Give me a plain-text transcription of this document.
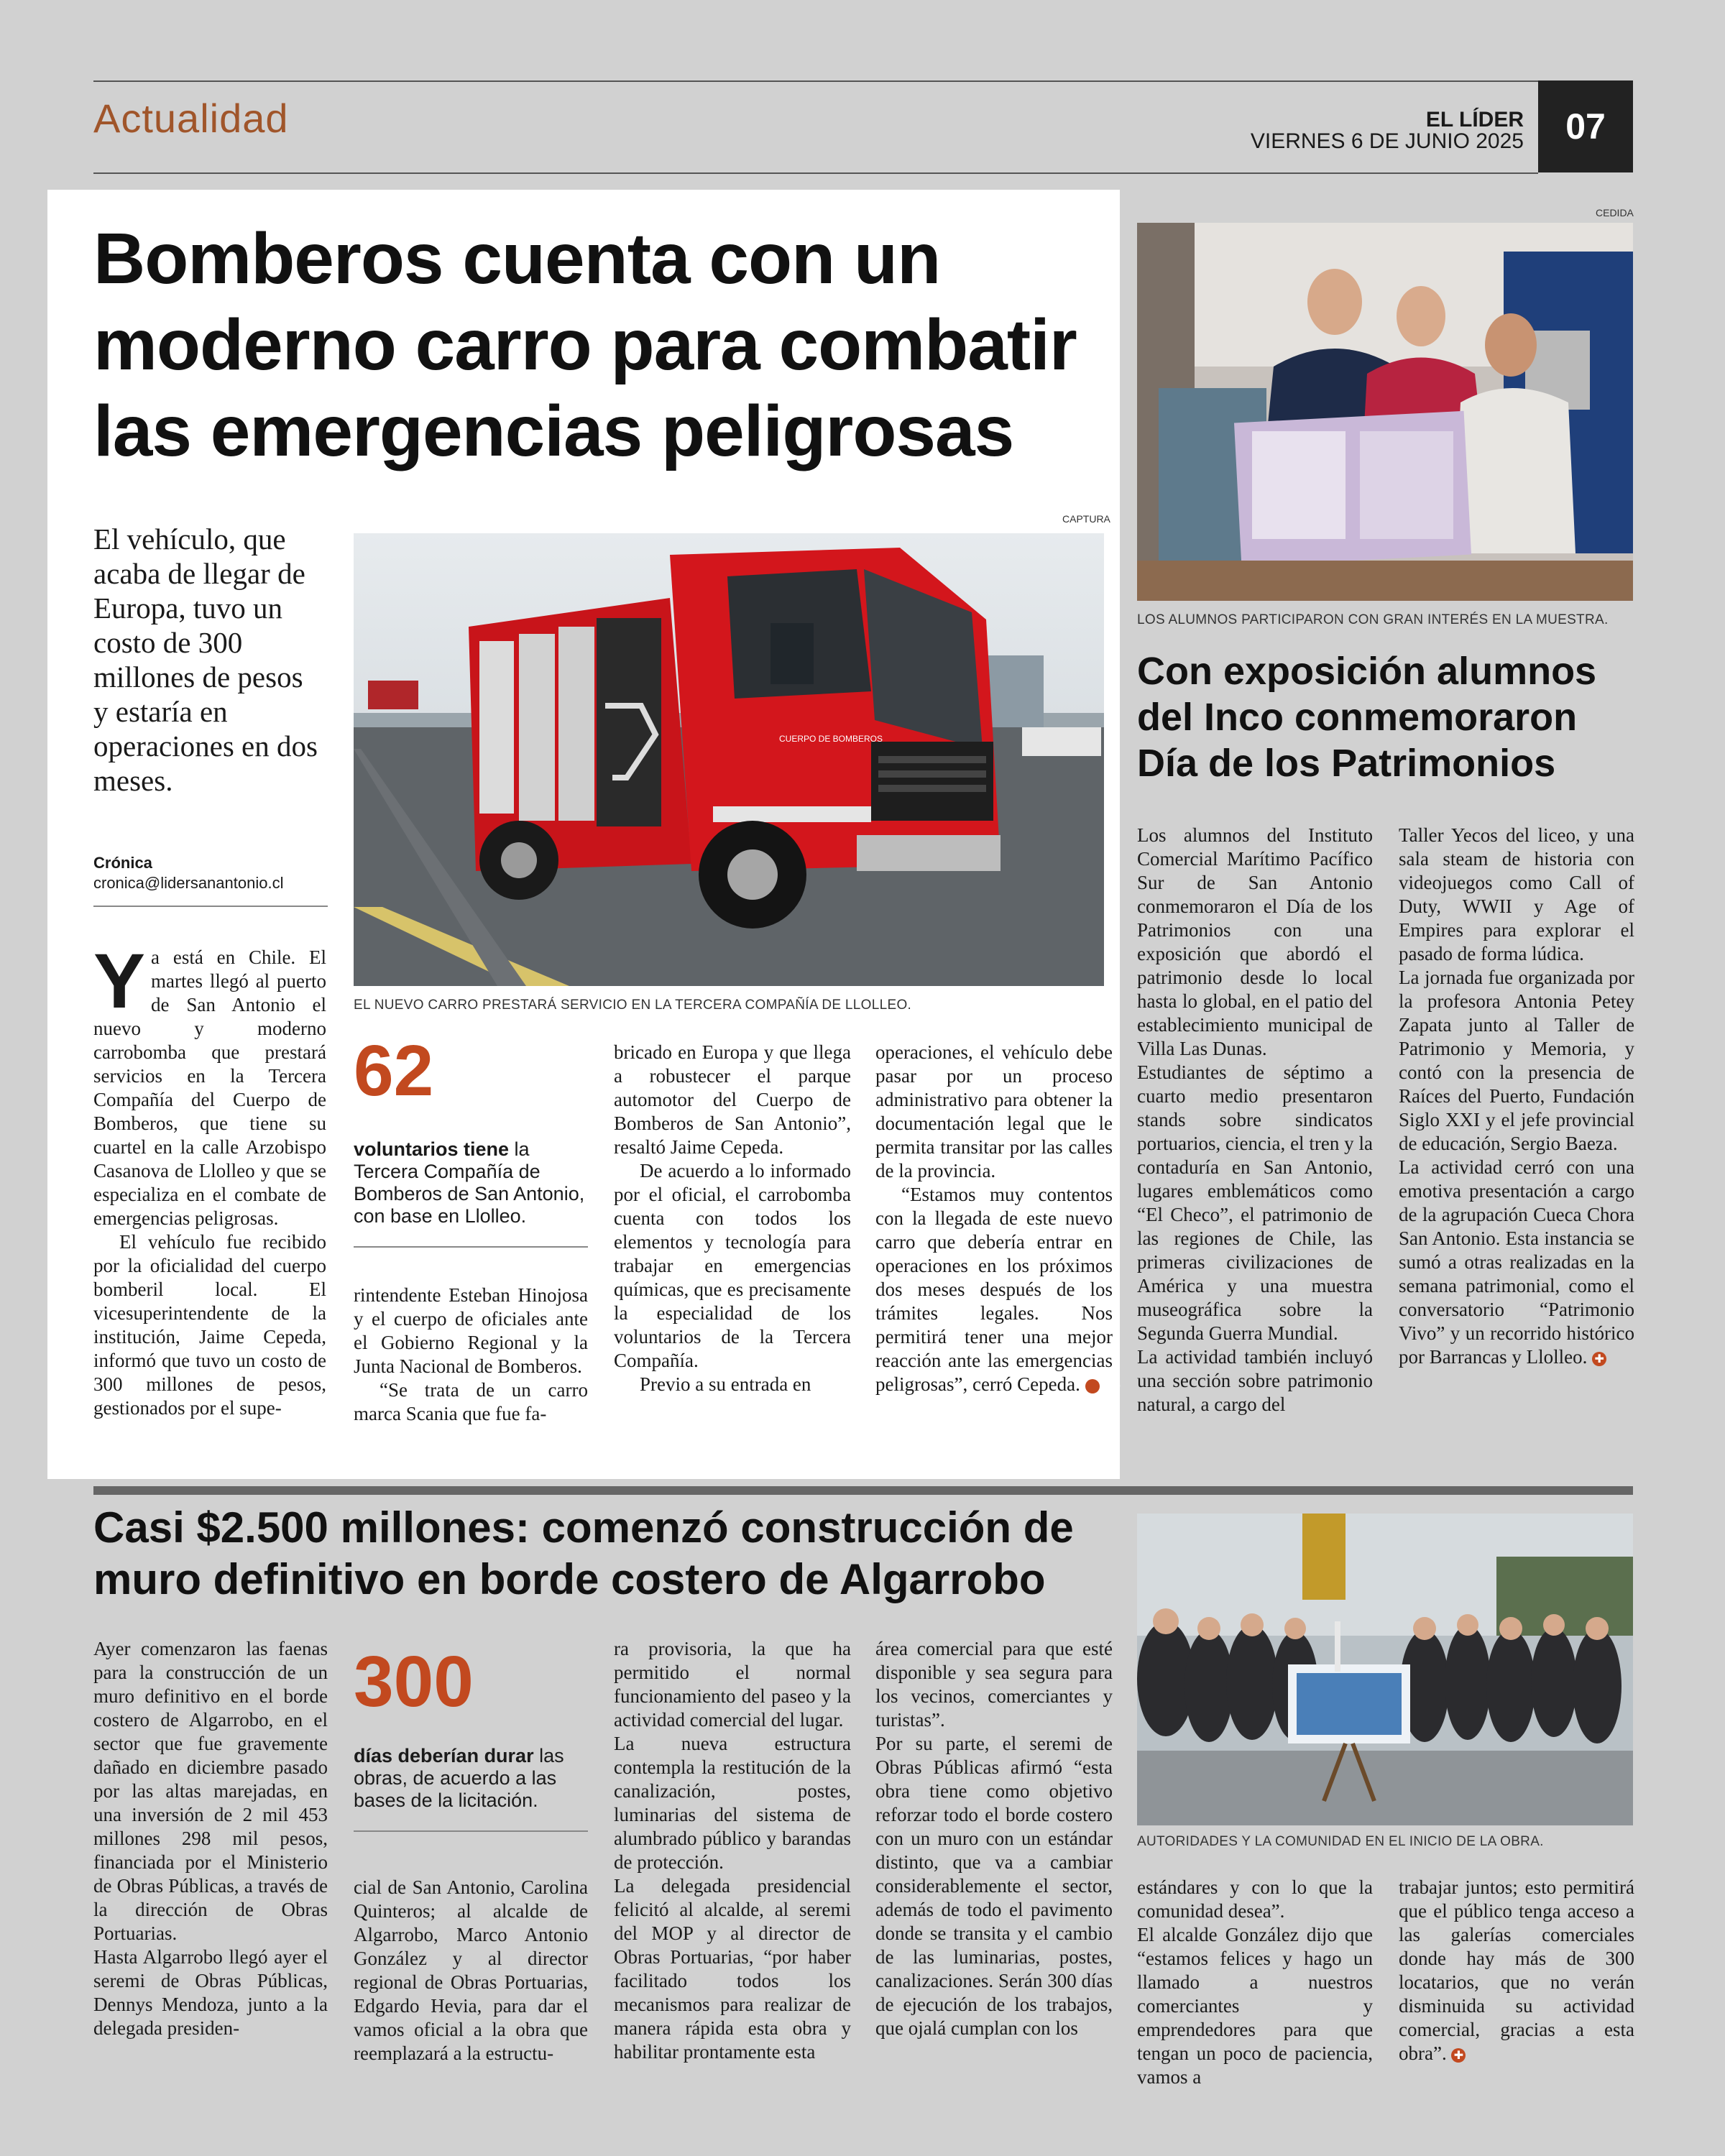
Actualidad	EL LÍDER
VIERNES 6 DE JUNIO 2025	07
Bomberos cuenta con un moderno carro para combatir las emergencias peligrosas
El vehículo, que acaba de llegar de Europa, tuvo un costo de 300 millones de pesos y estaría en operaciones en dos meses.
Crónica
cronica@lidersanantonio.cl
CAPTURA
CUERPO DE BOMBEROS
EL NUEVO CARRO PRESTARÁ SERVICIO EN LA TERCERA COMPAÑÍA DE LLOLLEO.

Ya está en Chile. El martes llegó al puerto de San Antonio el nuevo y moderno carrobomba que prestará servicios en la Tercera Compañía del Cuerpo de Bomberos, que tiene su cuartel en la calle Arzobispo Casanova de Llolleo y que se especializa en el combate de emergencias peligrosas.

El vehículo fue recibido por la oficialidad del cuerpo bomberil local. El vicesuperintendente de la institución, Jaime Cepeda, informó que tuvo un costo de 300 millones de pesos, gestionados por el supe-

62
voluntarios tiene la Tercera Compañía de Bomberos de San Antonio, con base en Llolleo.

rintendente Esteban Hinojosa y el cuerpo de oficiales ante el Gobierno Regional y la Junta Nacional de Bomberos.

“Se trata de un carro marca Scania que fue fa-

bricado en Europa y que llega a robustecer el parque automotor del Cuerpo de Bomberos de San Antonio”, resaltó Jaime Cepeda.

De acuerdo a lo informado por el oficial, el carrobomba cuenta con todos los elementos y tecnología para trabajar en emergencias químicas, que es precisamente la especialidad de los voluntarios de la Tercera Compañía.

Previo a su entrada en

operaciones, el vehículo debe pasar por un proceso administrativo para obtener la documentación legal que le permita transitar por las calles de la provincia.

“Estamos muy contentos con la llegada de este nuevo carro que debería entrar en operaciones en los próximos dos meses después de los trámites legales. Nos permitirá tener una mejor reacción ante las emergencias peligrosas”, cerró Cepeda.	✚

CEDIDA
LOS ALUMNOS PARTICIPARON CON GRAN INTERÉS EN LA MUESTRA.
Con exposición alumnos del Inco conmemoraron Día de los Patrimonios

Los alumnos del Instituto Comercial Marítimo Pacífico Sur de San Antonio conmemoraron el Día de los Patrimonios con una exposición que abordó el patrimonio desde lo local hasta lo global, en el patio del establecimiento municipal de Villa Las Dunas.

Estudiantes de séptimo a cuarto medio presentaron stands sobre sindicatos portuarios, ciencia, el tren y la contaduría en San Antonio, lugares emblemáticos como “El Checo”, el patrimonio de las regiones de Chile, las primeras civilizaciones de América y una muestra museográfica sobre la Segunda Guerra Mundial.

La actividad también incluyó una sección sobre patrimonio natural, a cargo del

Taller Yecos del liceo, y una sala steam de historia con videojuegos como Call of Duty, WWII y Age of Empires para explorar el pasado de forma lúdica.

La jornada fue organizada por la profesora Antonia Petey Zapata junto al Taller de Patrimonio y Memoria, y contó con la presencia de Raíces del Puerto, Fundación Siglo XXI y el jefe provincial de educación, Sergio Baeza.

La actividad cerró con una emotiva presentación a cargo de la agrupación Cueca Chora San Antonio. Esta instancia se sumó a otras realizadas en la semana patrimonial, como el conversatorio “Patrimonio Vivo” y un recorrido histórico por Barrancas y Llolleo. ✚

Casi $2.500 millones: comenzó construcción de muro definitivo en borde costero de Algarrobo

Ayer comenzaron las faenas para la construcción de un muro definitivo en el borde costero de Algarrobo, en el sector que fue gravemente dañado en diciembre pasado por las altas marejadas, en una inversión de 2 mil 453 millones 298 mil pesos, financiada por el Ministerio de Obras Públicas, a través de la dirección de Obras Portuarias.

Hasta Algarrobo llegó ayer el seremi de Obras Públicas, Dennys Mendoza, junto a la delegada presiden-

300
días deberían durar las obras, de acuerdo a las bases de la licitación.

cial de San Antonio, Carolina Quinteros; al alcalde de Algarrobo, Marco Antonio González y al director regional de Obras Portuarias, Edgardo Hevia, para dar el vamos oficial a la obra que reemplazará a la estructu-

ra provisoria, la que ha permitido el normal funcionamiento del paseo y la actividad comercial del lugar.

La nueva estructura contempla la restitución de la canalización, postes, luminarias del sistema de alumbrado público y barandas de protección.

La delegada presidencial felicitó al alcalde, al seremi del MOP y al director de Obras Portuarias, “por haber facilitado todos los mecanismos para realizar de manera rápida esta obra y habilitar prontamente esta

área comercial para que esté disponible y sea segura para los vecinos, comerciantes y turistas”.

Por su parte, el seremi de Obras Públicas afirmó “esta obra tiene como objetivo reforzar todo el borde costero con un muro con un estándar distinto, que va a cambiar considerablemente el sector, además de todo el pavimento donde se transita y el cambio de las luminarias, postes, canalizaciones. Serán 300 días de ejecución de los trabajos, que ojalá cumplan con los

AUTORIDADES Y LA COMUNIDAD EN EL INICIO DE LA OBRA.

estándares y con lo que la comunidad desea”.

El alcalde González dijo que “estamos felices y hago un llamado a nuestros comerciantes y emprendedores para que tengan un poco de paciencia, vamos a

trabajar juntos; esto permitirá que el público tenga acceso a las galerías comerciales donde hay más de 300 locatarios, que no verán disminuida su actividad comercial, gracias a esta obra”. ✚
